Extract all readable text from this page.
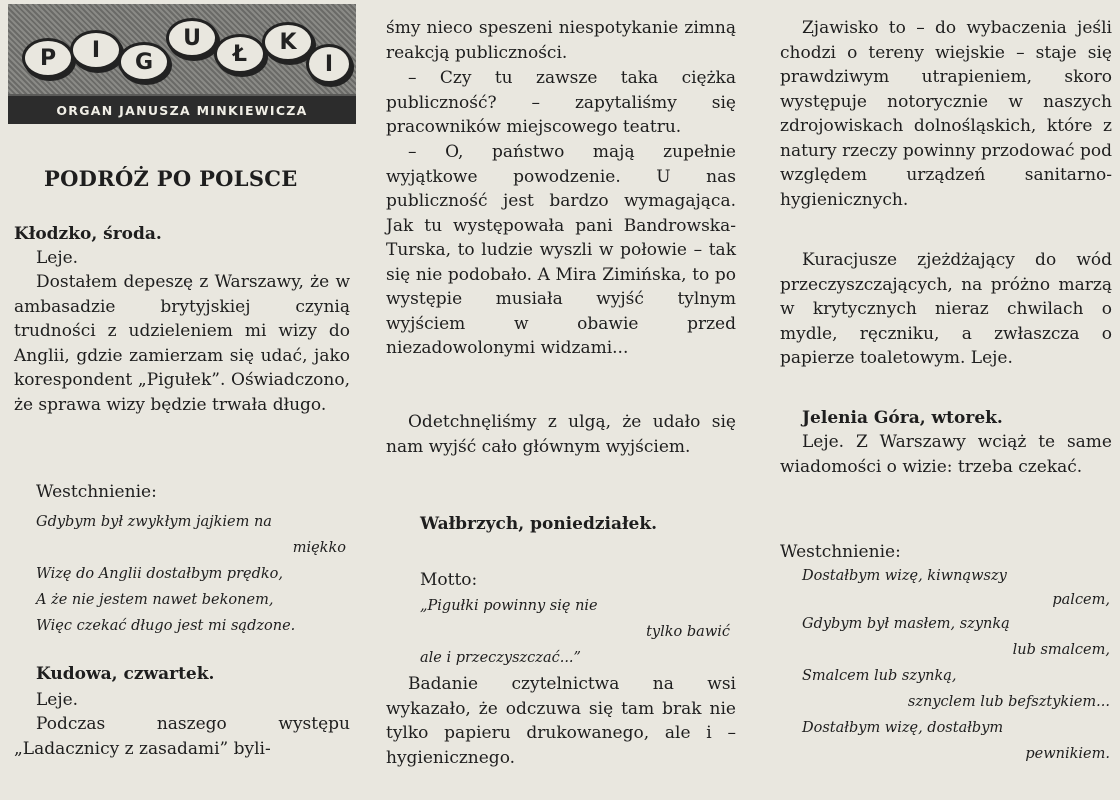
P	I	G
U
Ł	K
I
ORGAN JANUSZA MINKIEWICZA
PODRÓŻ PO POLSCE
Kłodzko, środa.
Leje.
Dostałem depeszę z Warszawy, że w ambasadzie brytyjskiej czynią trudności z udzieleniem mi wizy do Anglii, gdzie zamierzam się udać, jako korespondent „Pigułek”. Oświadczono, że sprawa wizy będzie trwała długo.
Westchnienie:
Gdybym był zwykłym jajkiem na
miękko
Wizę do Anglii dostałbym prędko,
A że nie jestem nawet bekonem,
Więc czekać długo jest mi sądzone.
Kudowa, czwartek.
Leje.
Podczas naszego występu „Ladacznicy z zasadami” byli-
śmy nieco speszeni niespotykanie zimną reakcją publiczności.
– Czy tu zawsze taka ciężka publiczność? – zapytaliśmy się pracowników miejscowego teatru.
– O, państwo mają zupełnie wyjątkowe powodzenie. U nas publiczność jest bardzo wymagająca. Jak tu występowała pani Bandrowska-Turska, to ludzie wyszli w połowie – tak się nie podobało. A Mira Zimińska, to po występie musiała wyjść tylnym wyjściem w obawie przed niezadowolonymi widzami...
Odetchnęliśmy z ulgą, że udało się nam wyjść cało głównym wyjściem.
Wałbrzych, poniedziałek.
Motto:
„Pigułki powinny się nie
tylko bawić
ale i przeczyszczać...”
Badanie czytelnictwa na wsi wykazało, że odczuwa się tam brak nie tylko papieru drukowanego, ale i – hygienicznego.
Zjawisko to – do wybaczenia jeśli chodzi o tereny wiejskie – staje się prawdziwym utrapieniem, skoro występuje notorycznie w naszych zdrojowiskach dolnośląskich, które z natury rzeczy powinny przodować pod względem urządzeń sanitarno-hygienicznych.
Kuracjusze zjeżdżający do wód przeczyszczających, na próżno marzą w krytycznych nieraz chwilach o mydle, ręczniku, a zwłaszcza o papierze toaletowym. Leje.
Jelenia Góra, wtorek.
Leje. Z Warszawy wciąż te same wiadomości o wizie: trzeba czekać.
Westchnienie:
Dostałbym wizę, kiwnąwszy
palcem,
Gdybym był masłem, szynką
lub smalcem,
Smalcem lub szynką,
sznyclem lub befsztykiem...
Dostałbym wizę, dostałbym
pewnikiem.
